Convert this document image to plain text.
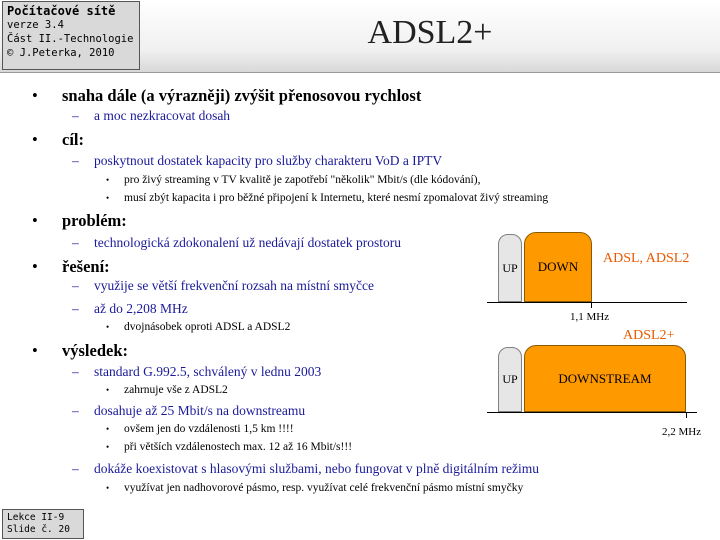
Počítačové sítě
verze 3.4
Část II.-Technologie
© J.Peterka, 2010
ADSL2+
• snaha dále (a výrazněji) zvýšit přenosovou rychlost
– a moc nezkracovat dosah
• cíl:
– poskytnout dostatek kapacity pro služby charakteru VoD a IPTV
• pro živý streaming v TV kvalitě je zapotřebí "několik" Mbit/s (dle kódování),
• musí zbýt kapacita i pro běžné připojení k Internetu, které nesmí zpomalovat živý streaming
• problém:
– technologická zdokonalení už nedávají dostatek prostoru
• řešení:
– využije se větší frekvenční rozsah na místní smyčce
– až do 2,208 MHz
• dvojnásobek oproti ADSL a ADSL2
• výsledek:
– standard G.992.5, schválený v lednu 2003
• zahrnuje vše z ADSL2
– dosahuje až 25 Mbit/s na downstreamu
• ovšem jen do vzdálenosti 1,5 km !!!!
• při větších vzdálenostech max. 12 až 16 Mbit/s!!!
– dokáže koexistovat s hlasovými službami, nebo fungovat v plně digitálním režimu
• využívat jen nadhovorové pásmo, resp. využívat celé frekvenční pásmo místní smyčky
UP	DOWN
1,1 MHz
ADSL, ADSL2
ADSL2+
UP	DOWNSTREAM
2,2 MHz
Lekce II-9
Slide č. 20
